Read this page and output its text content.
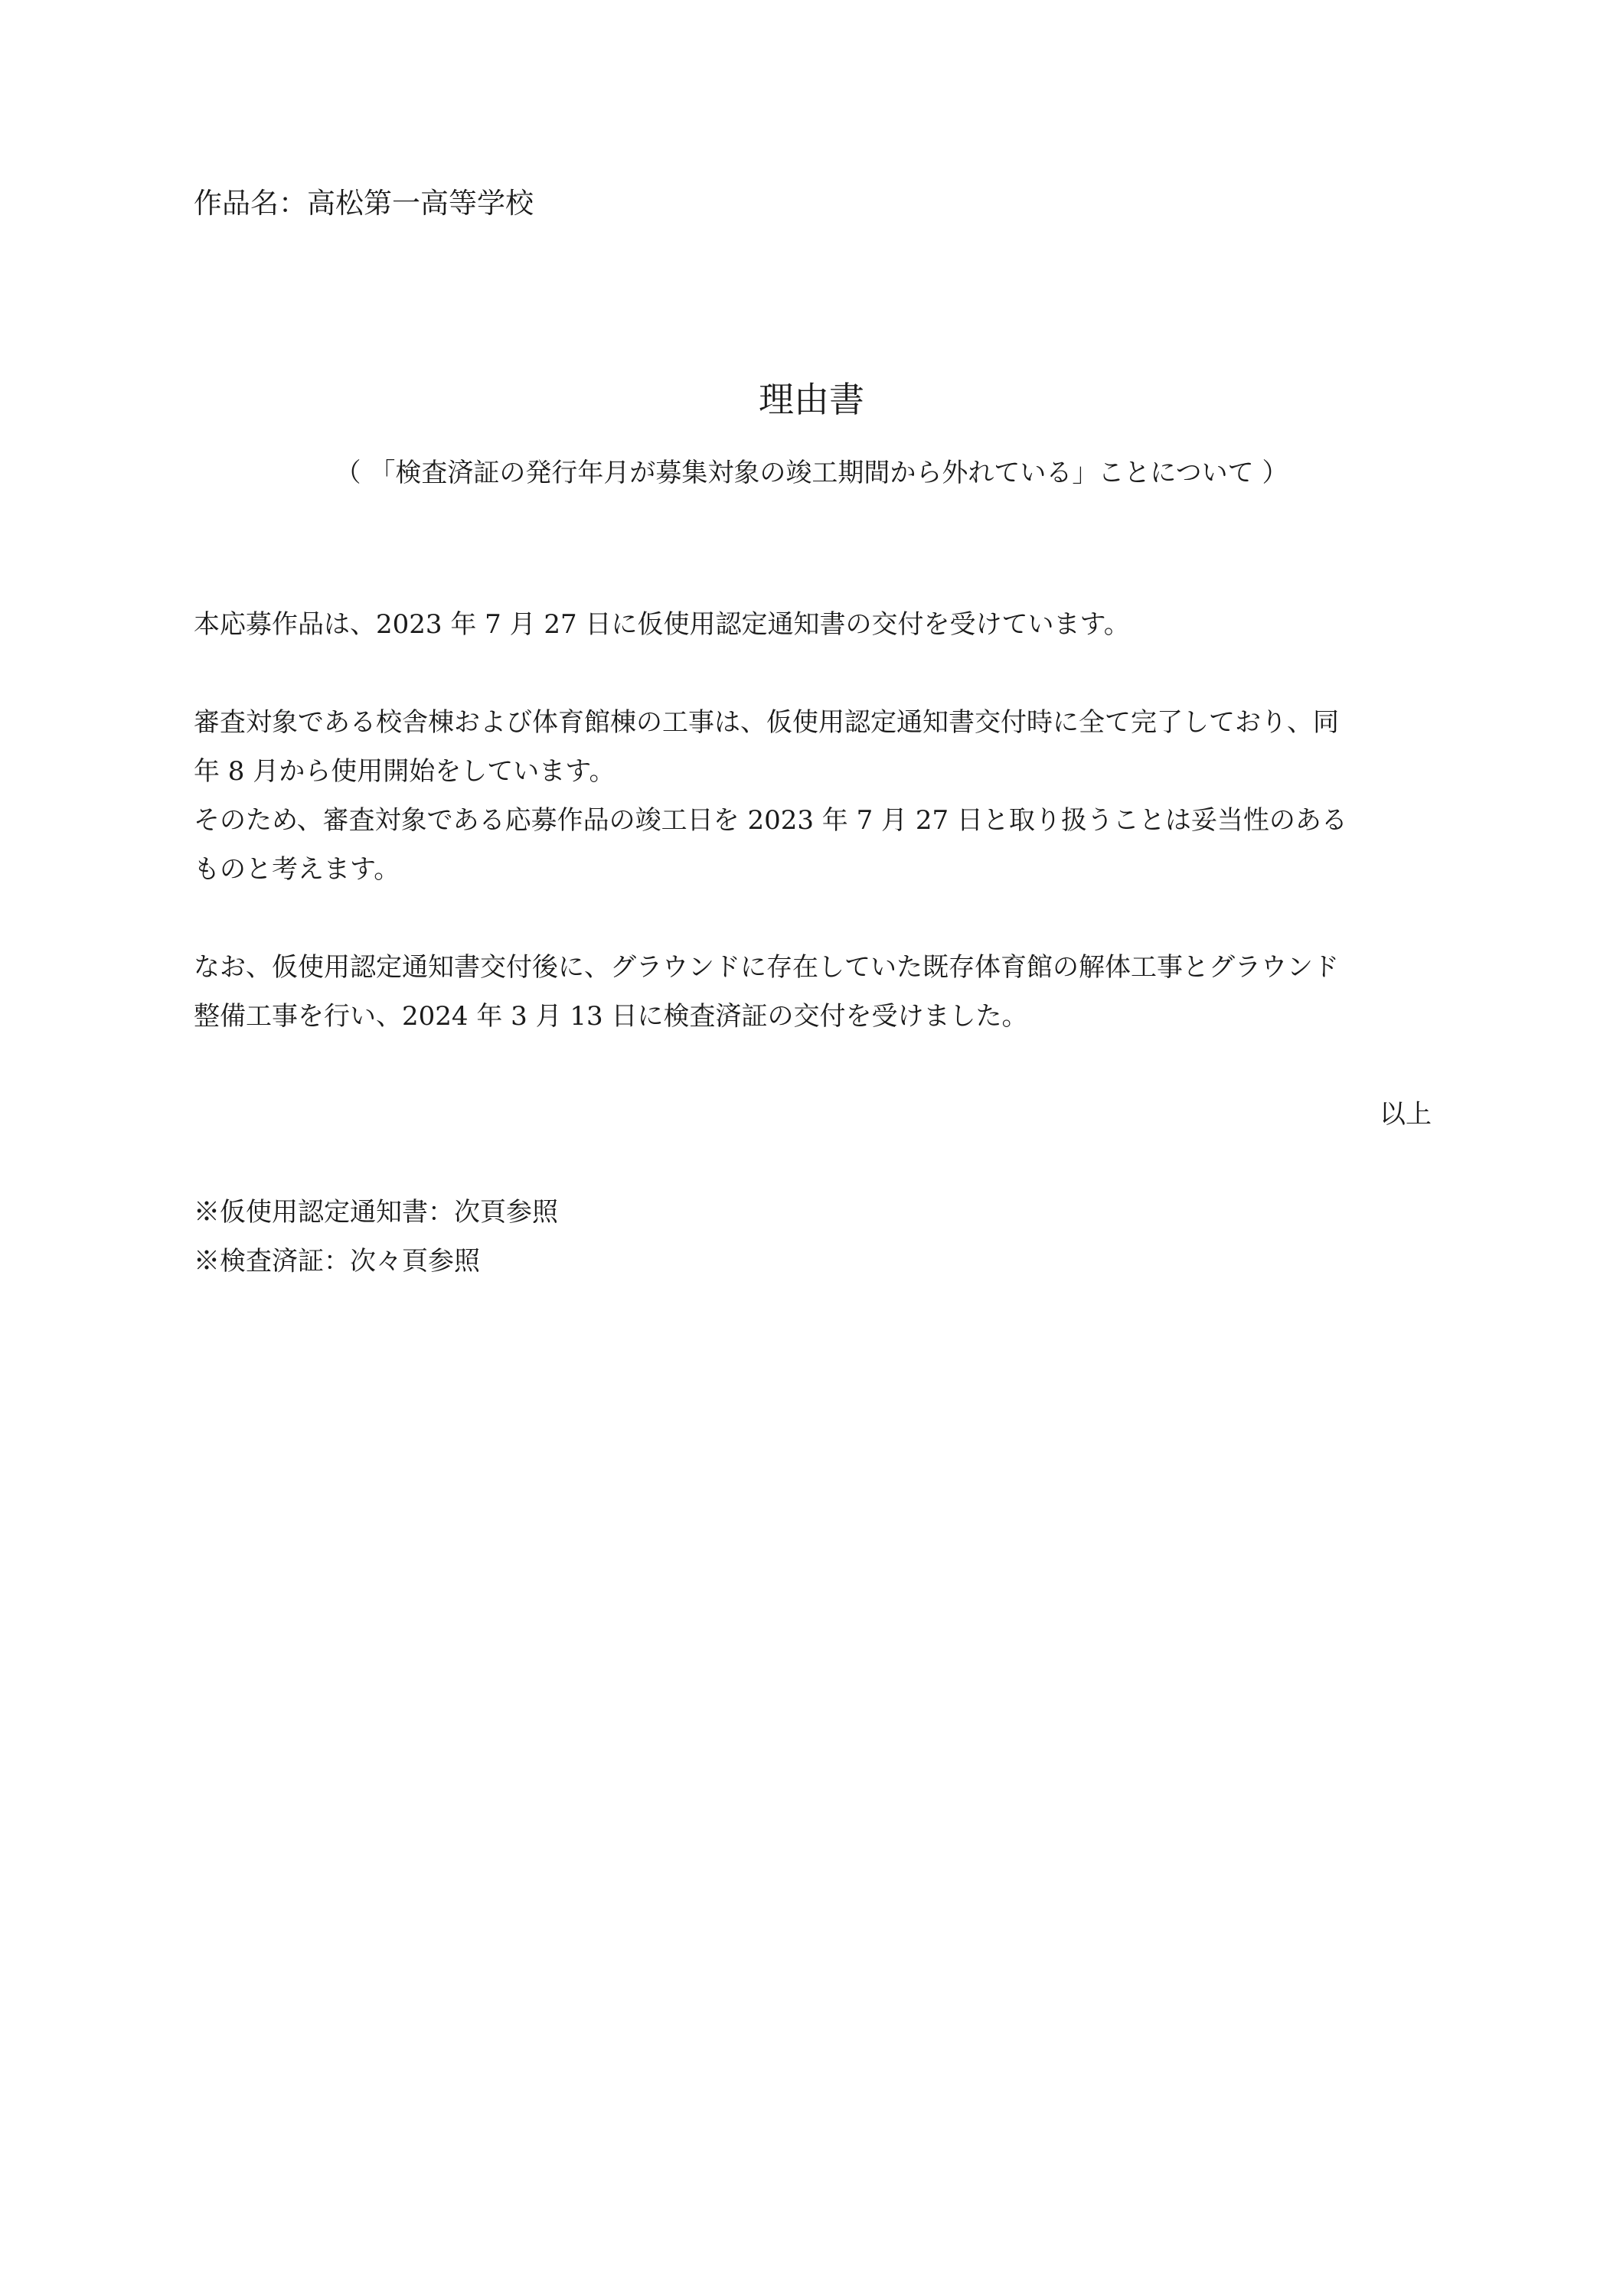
作品名：高松第一高等学校
理由書
（ 「検査済証の発行年月が募集対象の竣工期間から外れている」ことについて ）

本応募作品は、2023 年 7 月 27 日に仮使用認定通知書の交付を受けています。

審査対象である校舎棟および体育館棟の工事は、仮使用認定通知書交付時に全て完了しており、同

年 8 月から使用開始をしています。

そのため、審査対象である応募作品の竣工日を 2023 年 7 月 27 日と取り扱うことは妥当性のある

ものと考えます。

なお、仮使用認定通知書交付後に、グラウンドに存在していた既存体育館の解体工事とグラウンド

整備工事を行い、2024 年 3 月 13 日に検査済証の交付を受けました。

以上

※仮使用認定通知書：次頁参照

※検査済証：次々頁参照
